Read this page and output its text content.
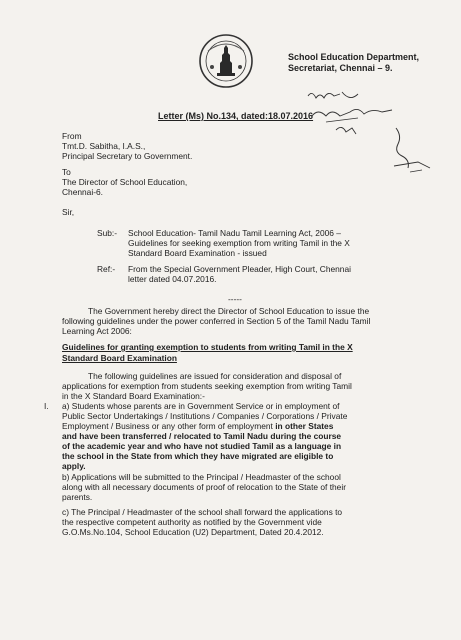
School Education Department,
Secretariat, Chennai – 9.
Letter (Ms) No.134, dated:18.07.2016
From
Tmt.D. Sabitha, I.A.S.,
Principal Secretary to Government.
To
The Director of School Education,
Chennai-6.
Sir,
Sub:- School Education- Tamil Nadu Tamil Learning Act, 2006 –
Guidelines for seeking exemption from writing Tamil in the X
Standard Board Examination - issued
Ref:- From the Special Government Pleader, High Court, Chennai
letter dated 04.07.2016.
-----
The Government hereby direct the Director of School Education to issue the
following guidelines under the power conferred in Section 5 of the Tamil Nadu Tamil
Learning Act 2006:
Guidelines for granting exemption to students from writing Tamil in the X
Standard Board Examination
The following guidelines are issued for consideration and disposal of
applications for exemption from students seeking exemption from writing Tamil
in the X Standard Board Examination:-
I. a) Students whose parents are in Government Service or in employment of
Public Sector Undertakings / Institutions / Companies / Corporations / Private
Employment / Business or any other form of employment in other States
and have been transferred / relocated to Tamil Nadu during the course
of the academic year and who have not studied Tamil as a language in
the school in the State from which they have migrated are eligible to
apply.
b) Applications will be submitted to the Principal / Headmaster of the school
along with all necessary documents of proof of relocation to the State of their
parents.
c) The Principal / Headmaster of the school shall forward the applications to
the respective competent authority as notified by the Government vide
G.O.Ms.No.104, School Education (U2) Department, Dated 20.4.2012.
